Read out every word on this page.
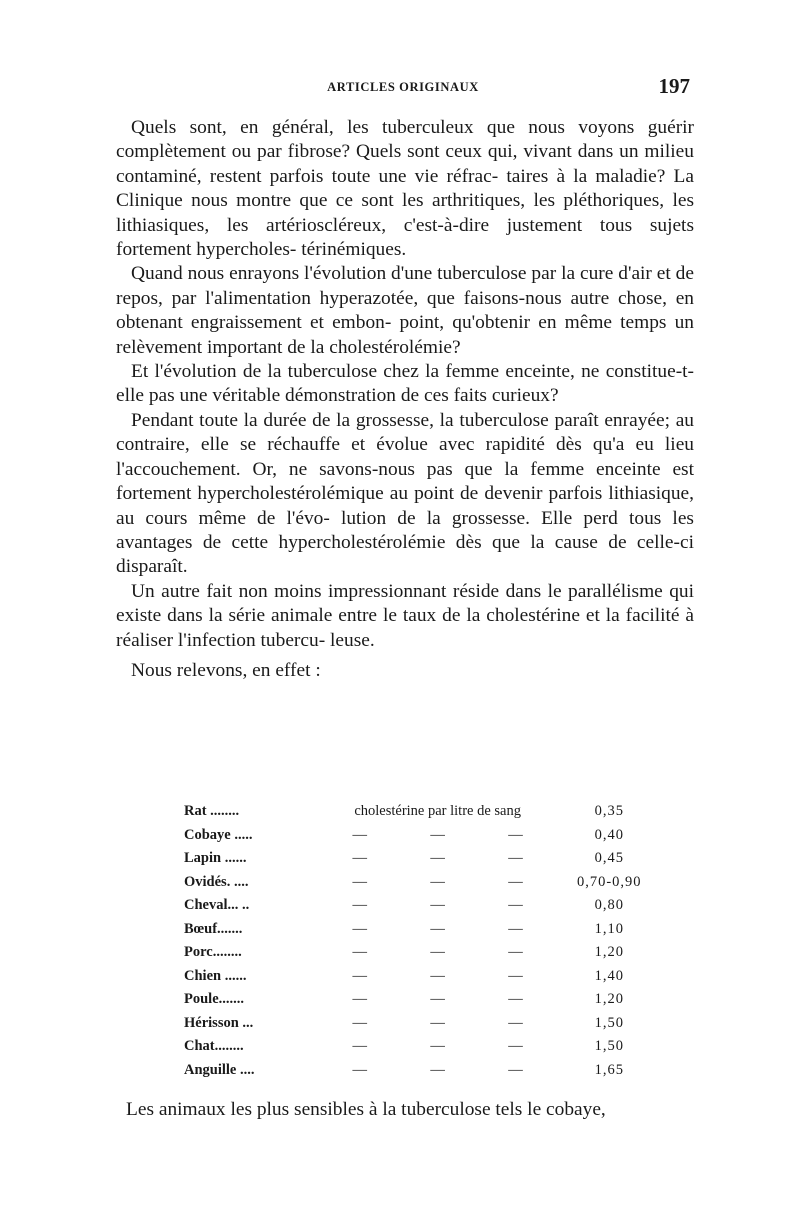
ARTICLES ORIGINAUX	197

Quels sont, en général, les tuberculeux que nous voyons guérir complètement ou par fibrose? Quels sont ceux qui, vivant dans un milieu contaminé, restent parfois toute une vie réfrac- taires à la maladie? La Clinique nous montre que ce sont les arthritiques, les pléthoriques, les lithiasiques, les artérioscléreux, c'est-à-dire justement tous sujets fortement hypercholes- térinémiques.

Quand nous enrayons l'évolution d'une tuberculose par la cure d'air et de repos, par l'alimentation hyperazotée, que faisons-nous autre chose, en obtenant engraissement et embon- point, qu'obtenir en même temps un relèvement important de la cholestérolémie?

Et l'évolution de la tuberculose chez la femme enceinte, ne constitue-t-elle pas une véritable démonstration de ces faits curieux?

Pendant toute la durée de la grossesse, la tuberculose paraît enrayée; au contraire, elle se réchauffe et évolue avec rapidité dès qu'a eu lieu l'accouchement. Or, ne savons-nous pas que la femme enceinte est fortement hypercholestérolémique au point de devenir parfois lithiasique, au cours même de l'évo- lution de la grossesse. Elle perd tous les avantages de cette hypercholestérolémie dès que la cause de celle-ci disparaît.

Un autre fait non moins impressionnant réside dans le parallélisme qui existe dans la série animale entre le taux de la cholestérine et la facilité à réaliser l'infection tubercu- leuse.

Nous relevons, en effet :

Rat ........	cholestérine par litre de sang			0,35
Cobaye .....	—	—	—	0,40
Lapin ......	—	—	—	0,45
Ovidés. ....	—	—	—	0,70-0,90
Cheval... ..	—	—	—	0,80
Bœuf.......	—	—	—	1,10
Porc........	—	—	—	1,20
Chien ......	—	—	—	1,40
Poule.......	—	—	—	1,20
Hérisson ...	—	—	—	1,50
Chat........	—	—	—	1,50
Anguille ....	—	—	—	1,65
Les animaux les plus sensibles à la tuberculose tels le cobaye,
